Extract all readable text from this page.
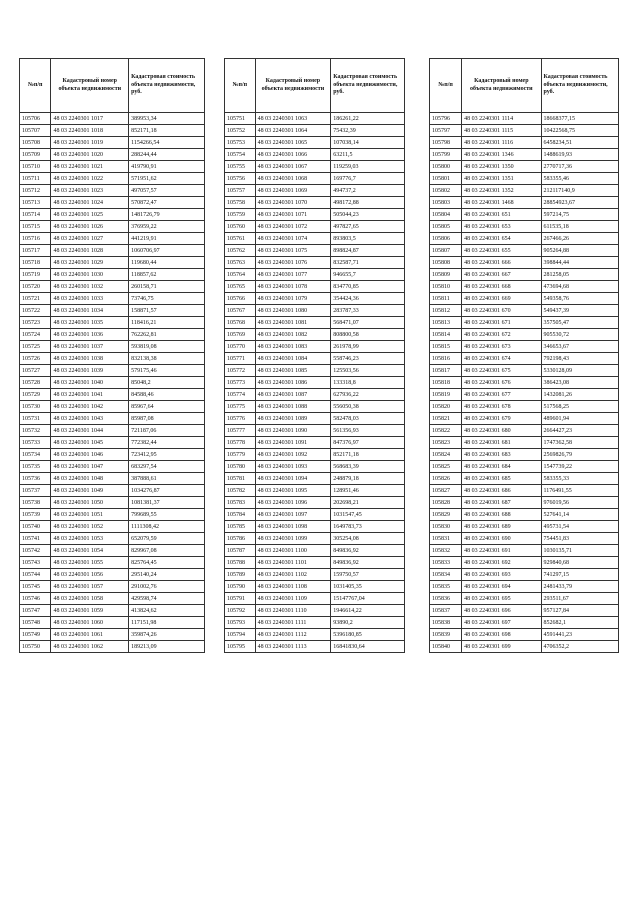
№п/п	Кадастровый номер объекта недвижимости	Кадастровая стоимость объекта недвижимости, руб.
105706	48 03 2240301 1017	389953,34
105707	48 03 2240301 1018	852171,18
105708	48 03 2240301 1019	1154266,54
105709	48 03 2240301 1020	288244,44
105710	48 03 2240301 1021	419790,91
105711	48 03 2240301 1022	571951,62
105712	48 03 2240301 1023	497057,57
105713	48 03 2240301 1024	570872,47
105714	48 03 2240301 1025	1481726,79
105715	48 03 2240301 1026	376959,22
105716	48 03 2240301 1027	441219,91
105717	48 03 2240301 1028	1060706,97
105718	48 03 2240301 1029	119680,44
105719	48 03 2240301 1030	118857,62
105720	48 03 2240301 1032	260158,71
105721	48 03 2240301 1033	73746,75
105722	48 03 2240301 1034	158871,57
105723	48 03 2240301 1035	118416,21
105724	48 03 2240301 1036	762262,81
105725	48 03 2240301 1037	593819,08
105726	48 03 2240301 1038	832138,38
105727	48 03 2240301 1039	579175,46
105728	48 03 2240301 1040	85048,2
105729	48 03 2240301 1041	84588,46
105730	48 03 2240301 1042	85967,64
105731	48 03 2240301 1043	85987,08
105732	48 03 2240301 1044	721187,06
105733	48 03 2240301 1045	772382,44
105734	48 03 2240301 1046	723412,95
105735	48 03 2240301 1047	683297,54
105736	48 03 2240301 1048	387888,61
105737	48 03 2240301 1049	1034276,87
105738	48 03 2240301 1050	1081381,37
105739	48 03 2240301 1051	799689,55
105740	48 03 2240301 1052	1111308,42
105741	48 03 2240301 1053	652079,59
105742	48 03 2240301 1054	829967,08
105743	48 03 2240301 1055	825764,45
105744	48 03 2240301 1056	295140,24
105745	48 03 2240301 1057	291002,76
105746	48 03 2240301 1058	429598,74
105747	48 03 2240301 1059	413824,62
105748	48 03 2240301 1060	117151,98
105749	48 03 2240301 1061	359874,26
105750	48 03 2240301 1062	189213,09
№п/п	Кадастровый номер объекта недвижимости	Кадастровая стоимость объекта недвижимости, руб.
105751	48 03 2240301 1063	186261,22
105752	48 03 2240301 1064	75432,39
105753	48 03 2240301 1065	107038,14
105754	48 03 2240301 1066	63211,5
105755	48 03 2240301 1067	119259,03
105756	48 03 2240301 1068	169776,7
105757	48 03 2240301 1069	494737,2
105758	48 03 2240301 1070	498172,88
105759	48 03 2240301 1071	505044,23
105760	48 03 2240301 1072	497827,65
105761	48 03 2240301 1074	893803,5
105762	48 03 2240301 1075	898824,87
105763	48 03 2240301 1076	832587,71
105764	48 03 2240301 1077	946655,7
105765	48 03 2240301 1078	834770,85
105766	48 03 2240301 1079	354424,36
105767	48 03 2240301 1080	283787,33
105768	48 03 2240301 1081	568471,07
105769	48 03 2240301 1082	808800,58
105770	48 03 2240301 1083	261978,99
105771	48 03 2240301 1084	558746,23
105772	48 03 2240301 1085	125503,56
105773	48 03 2240301 1086	133318,8
105774	48 03 2240301 1087	627936,22
105775	48 03 2240301 1088	556050,38
105776	48 03 2240301 1089	582478,03
105777	48 03 2240301 1090	561356,93
105778	48 03 2240301 1091	847376,97
105779	48 03 2240301 1092	852171,18
105780	48 03 2240301 1093	568683,39
105781	48 03 2240301 1094	248879,18
105782	48 03 2240301 1095	128951,46
105783	48 03 2240301 1096	202698,21
105784	48 03 2240301 1097	1031547,45
105785	48 03 2240301 1098	1649783,73
105786	48 03 2240301 1099	305254,08
105787	48 03 2240301 1100	849836,92
105788	48 03 2240301 1101	849836,92
105789	48 03 2240301 1102	159750,57
105790	48 03 2240301 1108	1031405,35
105791	48 03 2240301 1109	15147767,04
105792	48 03 2240301 1110	1946614,22
105793	48 03 2240301 1111	93890,2
105794	48 03 2240301 1112	5396180,85
105795	48 03 2240301 1113	16841830,64
№п/п	Кадастровый номер объекта недвижимости	Кадастровая стоимость объекта недвижимости, руб.
105796	48 03 2240301 1114	18668377,15
105797	48 03 2240301 1115	10422568,75
105798	48 03 2240301 1116	6458234,51
105799	48 03 2240301 1346	1488619,93
105800	48 03 2240301 1350	2770717,36
105801	48 03 2240301 1351	583355,46
105802	48 03 2240301 1352	212117140,9
105803	48 03 2240301 1468	28854923,67
105804	48 03 2240301 651	597214,75
105805	48 03 2240301 653	611535,18
105806	48 03 2240301 654	267466,26
105807	48 03 2240301 655	905264,88
105808	48 03 2240301 666	398844,44
105809	48 03 2240301 667	281258,05
105810	48 03 2240301 668	473694,68
105811	48 03 2240301 669	549358,76
105812	48 03 2240301 670	549437,39
105813	48 03 2240301 671	357505,47
105814	48 03 2240301 672	905530,72
105815	48 03 2240301 673	346653,67
105816	48 03 2240301 674	792198,43
105817	48 03 2240301 675	5330128,09
105818	48 03 2240301 676	386423,08
105819	48 03 2240301 677	1432081,26
105820	48 03 2240301 678	517568,25
105821	48 03 2240301 679	489601,94
105822	48 03 2240301 680	2664427,23
105823	48 03 2240301 681	1747362,58
105824	48 03 2240301 683	2569826,79
105825	48 03 2240301 684	1547739,22
105826	48 03 2240301 685	583355,33
105827	48 03 2240301 686	1176491,55
105828	48 03 2240301 687	976019,56
105829	48 03 2240301 688	527641,14
105830	48 03 2240301 689	495731,54
105831	48 03 2240301 690	754451,83
105832	48 03 2240301 691	1030135,71
105833	48 03 2240301 692	929840,68
105834	48 03 2240301 693	741297,15
105835	48 03 2240301 694	2481433,79
105836	48 03 2240301 695	293511,67
105837	48 03 2240301 696	957127,84
105838	48 03 2240301 697	852682,1
105839	48 03 2240301 698	4591441,23
105840	48 03 2240301 699	4706352,2
